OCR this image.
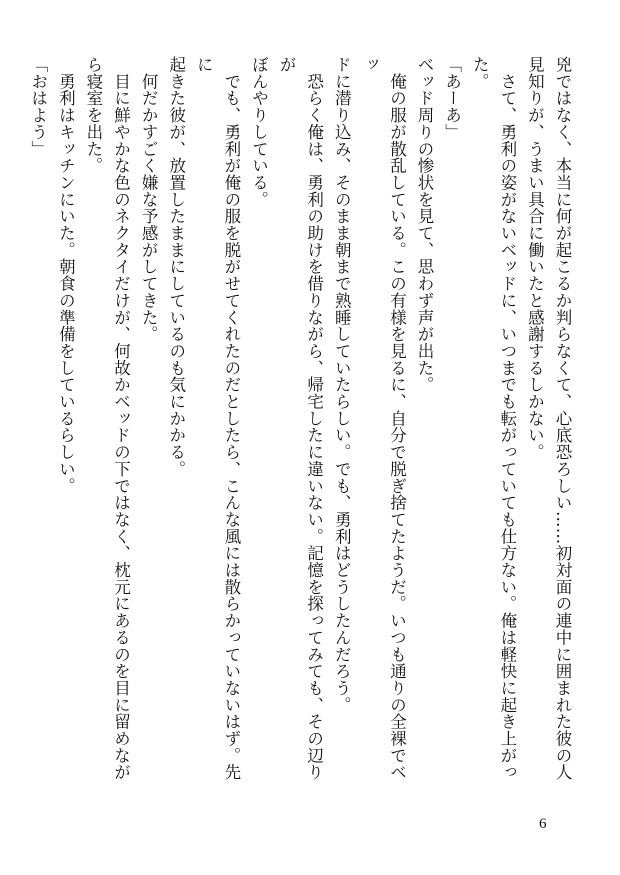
兇ではなく、本当に何が起こるか判らなくて、心底恐ろしい……初対面の連中に囲まれた彼の人

見知りが、うまい具合に働いたと感謝するしかない。

　さて、勇利の姿がないベッドに、いつまでも転がっていても仕方ない。俺は軽快に起き上がっ

た。

「あーあ」

ベッド周りの惨状を見て、思わず声が出た。

　俺の服が散乱している。この有様を見るに、自分で脱ぎ捨てたようだ。いつも通りの全裸でベッ

ドに潜り込み、そのまま朝まで熟睡していたらしい。でも、勇利はどうしたんだろう。

　恐らく俺は、勇利の助けを借りながら、帰宅したに違いない。記憶を探ってみても、その辺りが

ぼんやりしている。

　でも、勇利が俺の服を脱がせてくれたのだとしたら、こんな風には散らかっていないはず。先に

起きた彼が、放置したままにしているのも気にかかる。

　何だかすごく嫌な予感がしてきた。

　目に鮮やかな色のネクタイだけが、何故かベッドの下ではなく、枕元にあるのを目に留めなが

ら寝室を出た。

　勇利はキッチンにいた。朝食の準備をしているらしい。

「おはよう」

6
